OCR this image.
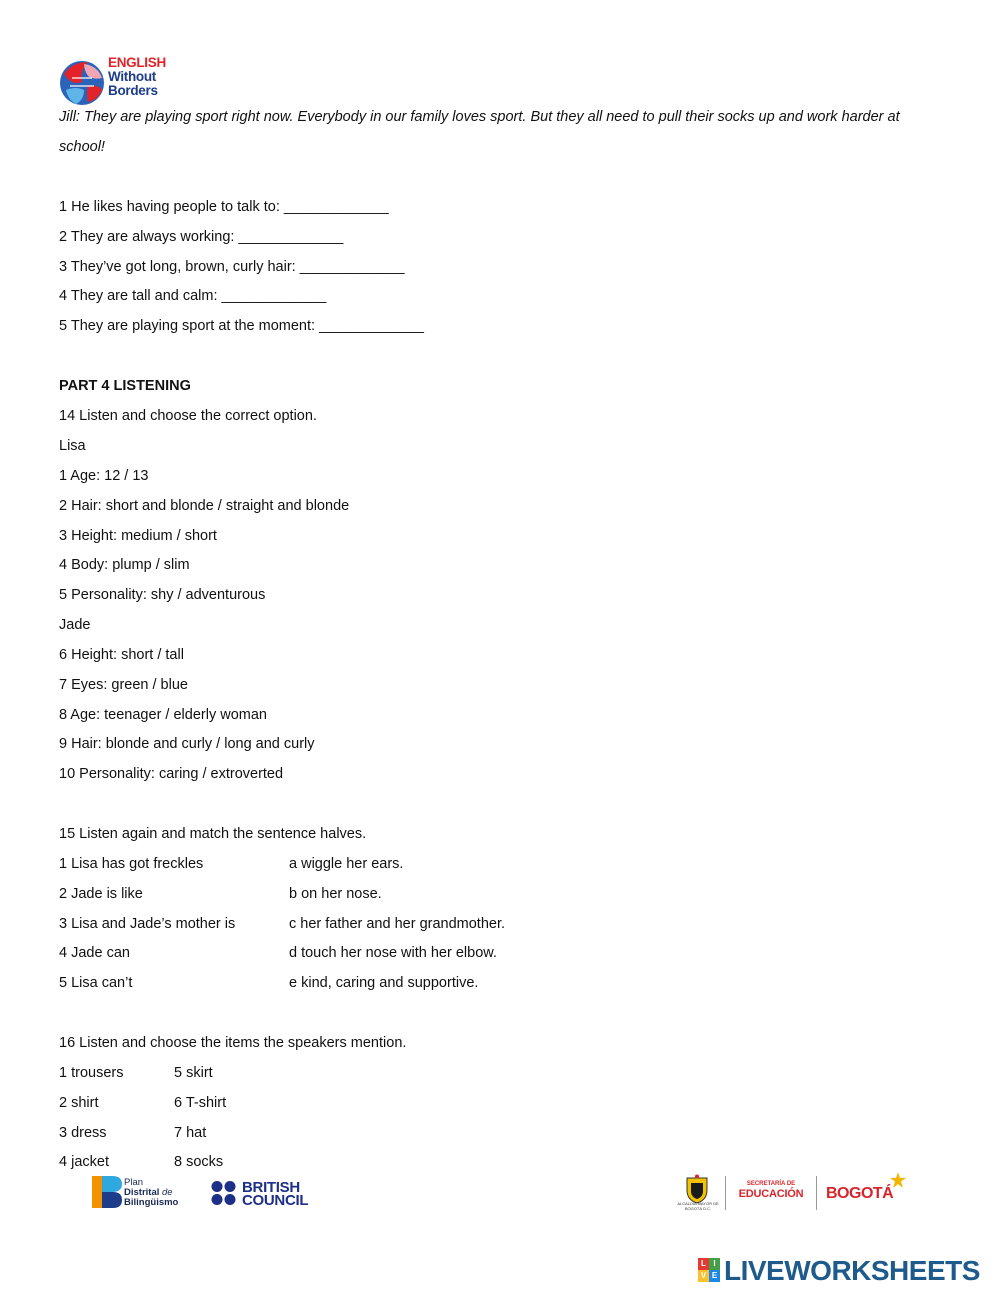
ENGLISH
Without
Borders
Jill: They are playing sport right now. Everybody in our family loves sport. But they all need to pull their socks up and work harder at
school!
1 He likes having people to talk to: _____________
2 They are always working: _____________
3 They’ve got long, brown, curly hair: _____________
4 They are tall and calm: _____________
5 They are playing sport at the moment: _____________
PART 4 LISTENING
14 Listen and choose the correct option.
Lisa
1 Age: 12 / 13
2 Hair: short and blonde / straight and blonde
3 Height: medium / short
4 Body: plump / slim
5 Personality: shy / adventurous
Jade
6 Height: short / tall
7 Eyes: green / blue
8 Age: teenager / elderly woman
9 Hair: blonde and curly / long and curly
10 Personality: caring / extroverted
15 Listen again and match the sentence halves.
1 Lisa has got freckles
2 Jade is like
3 Lisa and Jade’s mother is
4 Jade can
5 Lisa can’t
a wiggle her ears.
b on her nose.
c her father and her grandmother.
d touch her nose with her elbow.
e kind, caring and supportive.
16 Listen and choose the items the speakers mention.
1 trousers
2 shirt
3 dress
4 jacket
5 skirt
6 T-shirt
7 hat
8 socks
Plan
Distrital de
Bilingüismo
BRITISH
COUNCIL	ALCALDÍA MAYOR DE BOGOTÁ D.C.
SECRETARÍA DE
EDUCACIÓN BOGOTÁ
L I
V E LIVEWORKSHEETS
